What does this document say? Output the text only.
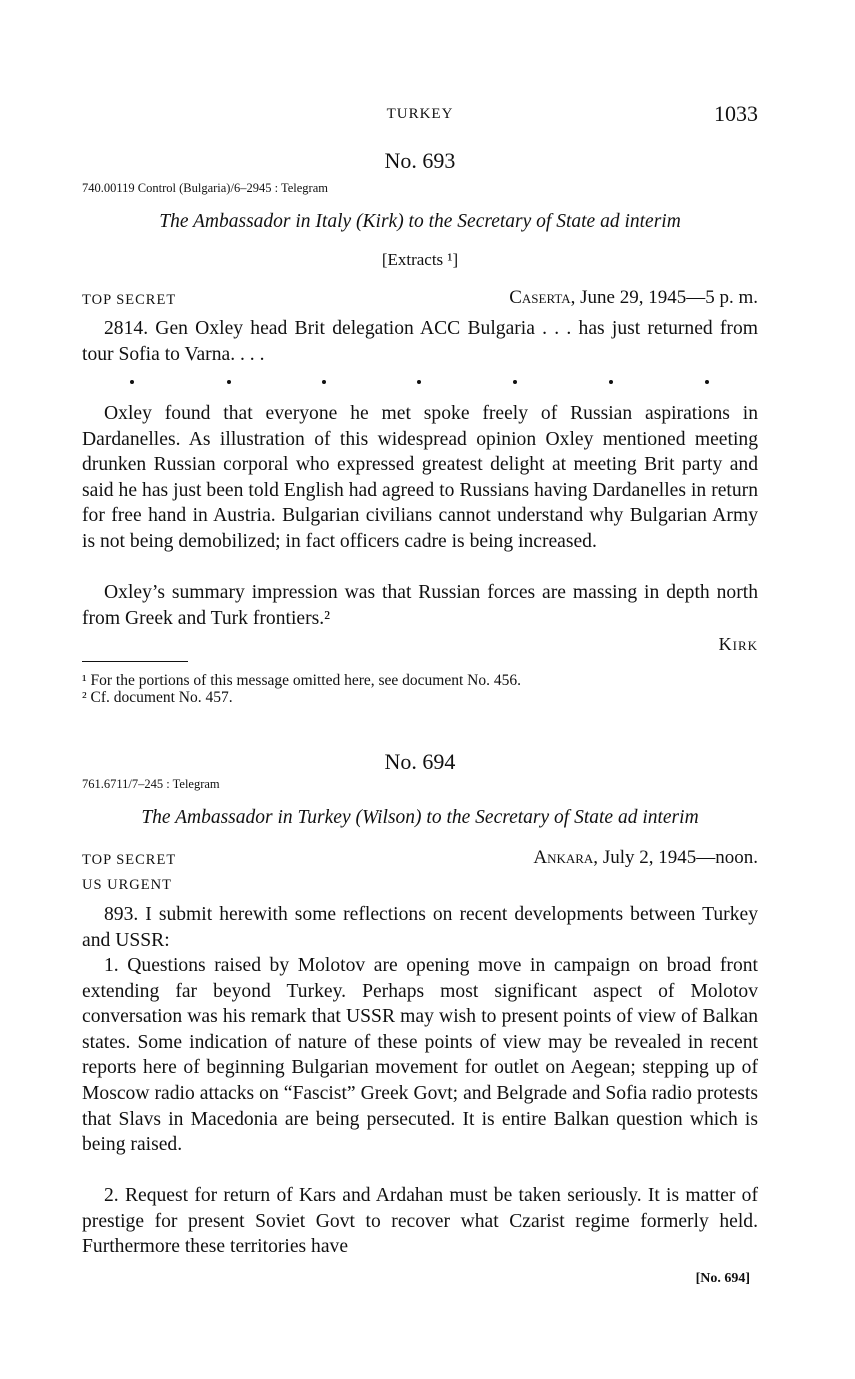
TURKEY	1033
No. 693
740.00119 Control (Bulgaria)/6–2945 : Telegram
The Ambassador in Italy (Kirk) to the Secretary of State ad interim
[Extracts ¹]
TOP SECRET	Caserta, June 29, 1945—5 p. m.
2814. Gen Oxley head Brit delegation ACC Bulgaria . . . has just returned from tour Sofia to Varna. . . .
Oxley found that everyone he met spoke freely of Russian aspirations in Dardanelles. As illustration of this widespread opinion Oxley mentioned meeting drunken Russian corporal who expressed greatest delight at meeting Brit party and said he has just been told English had agreed to Russians having Dardanelles in return for free hand in Austria. Bulgarian civilians cannot understand why Bulgarian Army is not being demobilized; in fact officers cadre is being increased.
Oxley’s summary impression was that Russian forces are massing in depth north from Greek and Turk frontiers.²
Kirk
¹ For the portions of this message omitted here, see document No. 456.
² Cf. document No. 457.
No. 694
761.6711/7–245 : Telegram
The Ambassador in Turkey (Wilson) to the Secretary of State ad interim
TOP SECRET	Ankara, July 2, 1945—noon.
US URGENT
893. I submit herewith some reflections on recent developments between Turkey and USSR:
1. Questions raised by Molotov are opening move in campaign on broad front extending far beyond Turkey. Perhaps most significant aspect of Molotov conversation was his remark that USSR may wish to present points of view of Balkan states. Some indication of nature of these points of view may be revealed in recent reports here of beginning Bulgarian movement for outlet on Aegean; stepping up of Moscow radio attacks on “Fascist” Greek Govt; and Belgrade and Sofia radio protests that Slavs in Macedonia are being persecuted. It is entire Balkan question which is being raised.
2. Request for return of Kars and Ardahan must be taken seriously. It is matter of prestige for present Soviet Govt to recover what Czarist regime formerly held. Furthermore these territories have
[No. 694]
